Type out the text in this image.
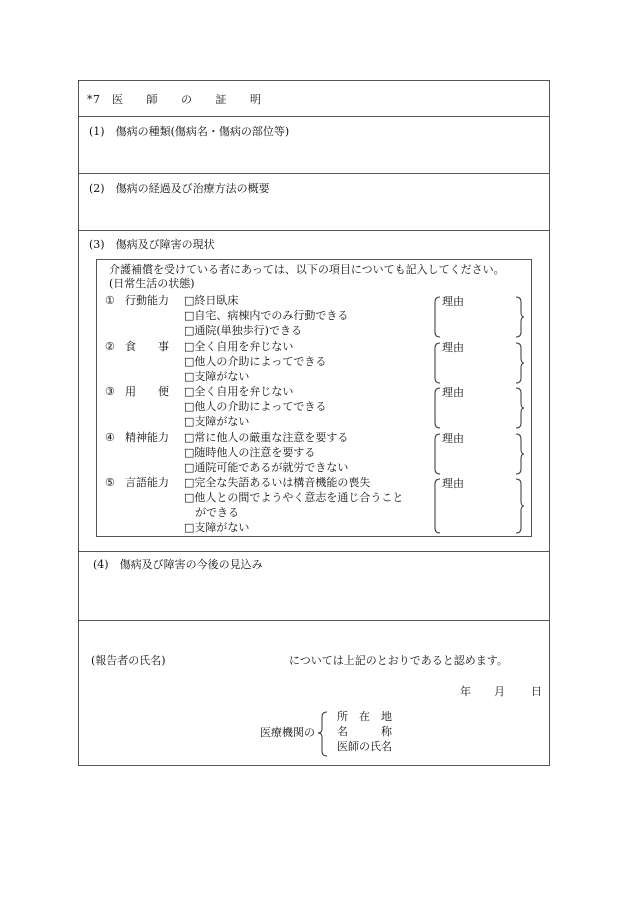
*7　医　　師　　の　　証　　明
(1)　傷病の種類(傷病名・傷病の部位等)
(2)　傷病の経過及び治療方法の概要
(3)　傷病及び障害の現状
介護補償を受けている者にあっては、以下の項目についても記入してください。
(日常生活の状態)
① 行動能力 □終日臥床
□自宅、病棟内でのみ行動できる
□通院(単独歩行)できる
② 食　　事 □全く自用を弁じない
□他人の介助によってできる
□支障がない
③ 用　　便 □全く自用を弁じない
□他人の介助によってできる
□支障がない
④ 精神能力 □常に他人の厳重な注意を要する
□随時他人の注意を要する
□通院可能であるが就労できない
⑤ 言語能力 □完全な失語あるいは構音機能の喪失
□他人との間でようやく意志を通じ合うこと
　ができる
□支障がない
理由
理由
理由
理由
理由
(4)　傷病及び障害の今後の見込み
(報告者の氏名)	については上記のとおりであると認めます。
年 月 日
医療機関の
所　在　地
名　　　称
医師の氏名
